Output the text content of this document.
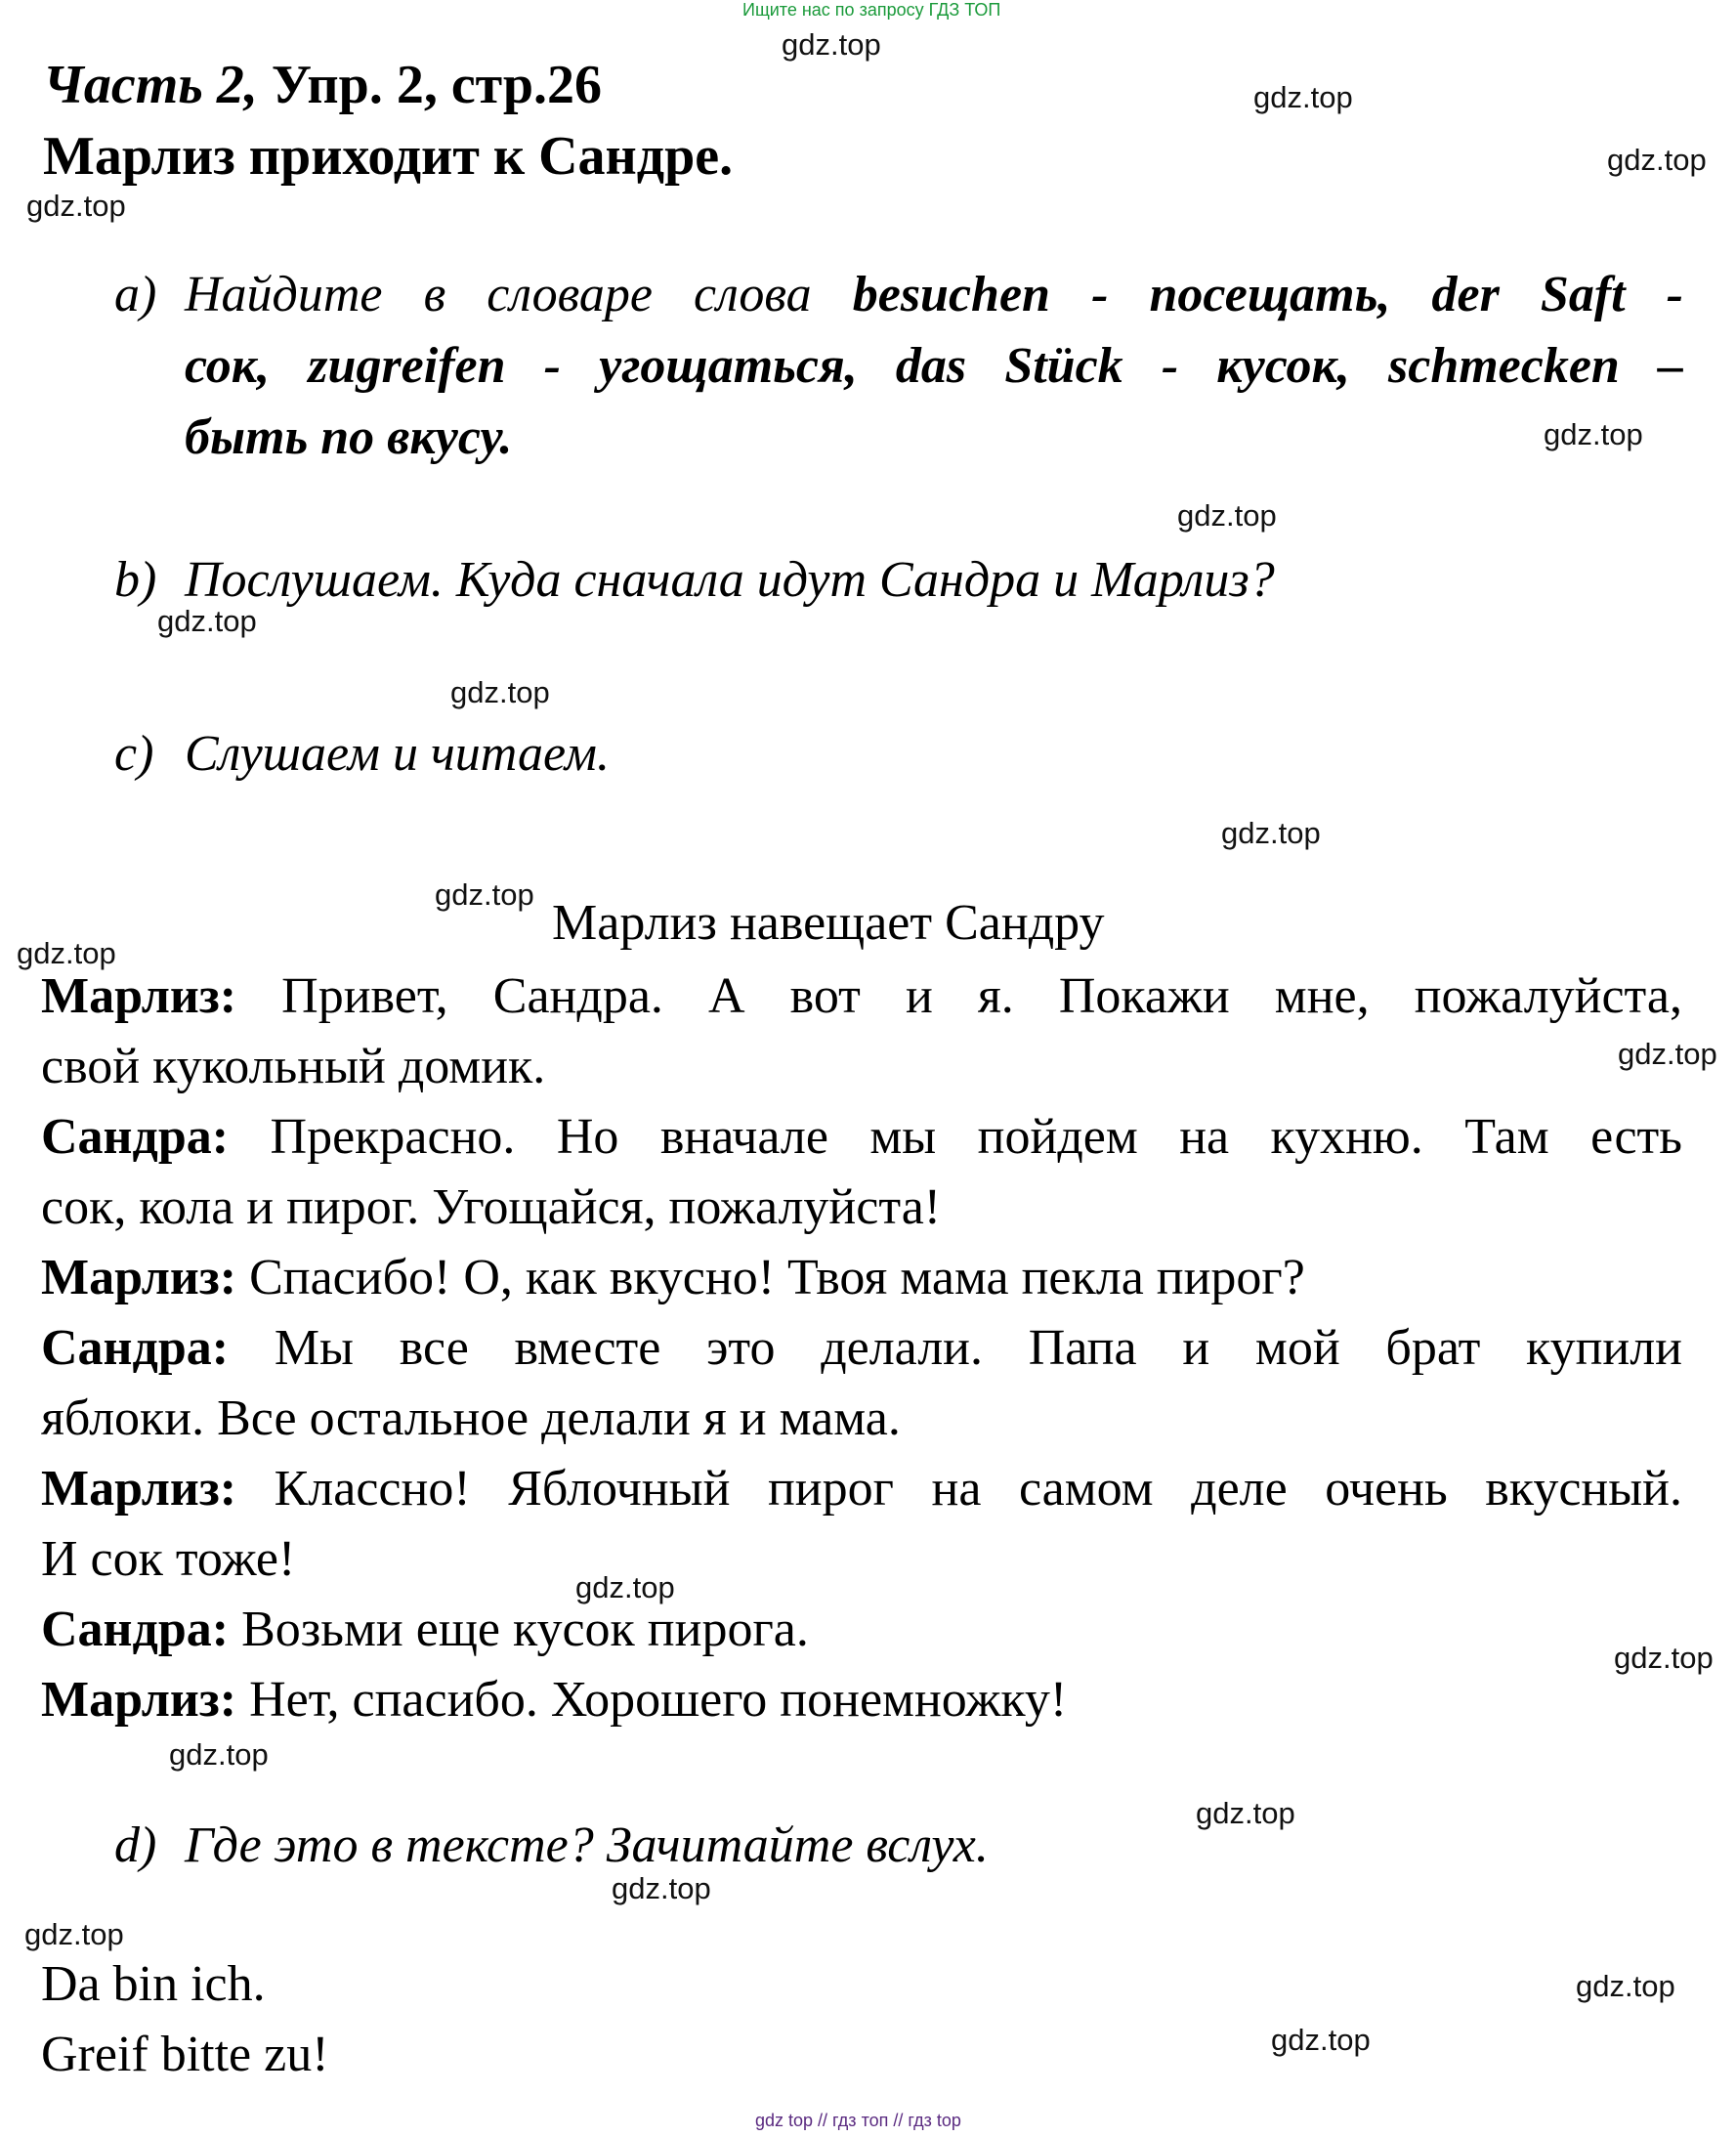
Ищите нас по запросу ГДЗ ТОП
Часть 2, Упр. 2, стр.26
Марлиз приходит к Сандре.
a) Найдите в словаре слова besuchen - посещать, der Saft -
сок, zugreifen - угощаться, das Stück - кусок, schmecken –
быть по вкусу.
b) Послушаем. Куда сначала идут Сандра и Марлиз?
c) Слушаем и читаем.
Марлиз навещает Сандру
Марлиз: Привет, Сандра. А вот и я. Покажи мне, пожалуйста,
свой кукольный домик.
Сандра: Прекрасно. Но вначале мы пойдем на кухню. Там есть
сок, кола и пирог. Угощайся, пожалуйста!
Марлиз: Спасибо! О, как вкусно! Твоя мама пекла пирог?
Сандра: Мы все вместе это делали. Папа и мой брат купили
яблоки. Все остальное делали я и мама.
Марлиз: Классно! Яблочный пирог на самом деле очень вкусный.
И сок тоже!
Сандра: Возьми еще кусок пирога.
Марлиз: Нет, спасибо. Хорошего понемножку!
d) Где это в тексте? Зачитайте вслух.
Da bin ich.
Greif bitte zu!
gdz.top
gdz.top
gdz.top
gdz.top
gdz.top
gdz.top
gdz.top
gdz.top
gdz.top
gdz.top
gdz.top
gdz.top
gdz.top
gdz.top
gdz.top
gdz.top
gdz.top
gdz.top
gdz.top
gdz.top
gdz top // гдз топ // гдз top
